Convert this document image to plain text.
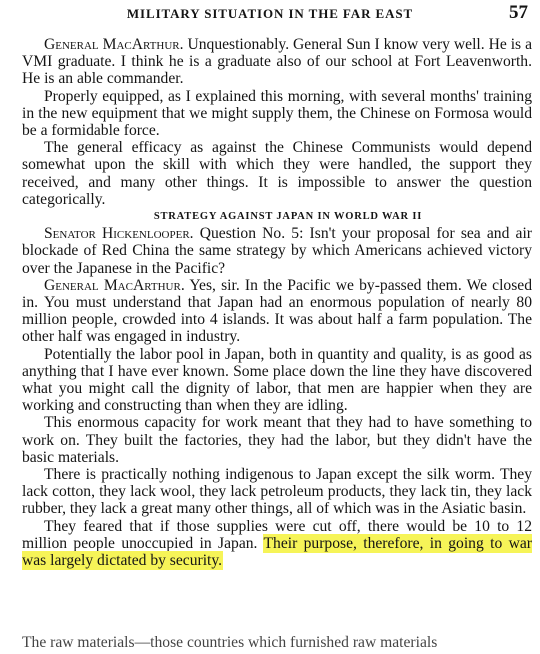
MILITARY SITUATION IN THE FAR EAST	57

General MacArthur. Unquestionably. General Sun I know very well. He is a VMI graduate. I think he is a graduate also of our school at Fort Leavenworth. He is an able commander.

Properly equipped, as I explained this morning, with several months' training in the new equipment that we might supply them, the Chinese on Formosa would be a formidable force.

The general efficacy as against the Chinese Communists would depend somewhat upon the skill with which they were handled, the support they received, and many other things. It is impossible to answer the question categorically.

STRATEGY AGAINST JAPAN IN WORLD WAR II

Senator Hickenlooper. Question No. 5: Isn't your proposal for sea and air blockade of Red China the same strategy by which Americans achieved victory over the Japanese in the Pacific?

General MacArthur. Yes, sir. In the Pacific we by-passed them. We closed in. You must understand that Japan had an enormous population of nearly 80 million people, crowded into 4 islands. It was about half a farm population. The other half was engaged in industry.

Potentially the labor pool in Japan, both in quantity and quality, is as good as anything that I have ever known. Some place down the line they have discovered what you might call the dignity of labor, that men are happier when they are working and constructing than when they are idling.

This enormous capacity for work meant that they had to have something to work on. They built the factories, they had the labor, but they didn't have the basic materials.

There is practically nothing indigenous to Japan except the silk worm. They lack cotton, they lack wool, they lack petroleum products, they lack tin, they lack rubber, they lack a great many other things, all of which was in the Asiatic basin.

They feared that if those supplies were cut off, there would be 10 to 12 million people unoccupied in Japan. Their purpose, therefore, in going to war was largely dictated by security.

The raw materials—those countries which furnished raw materials
